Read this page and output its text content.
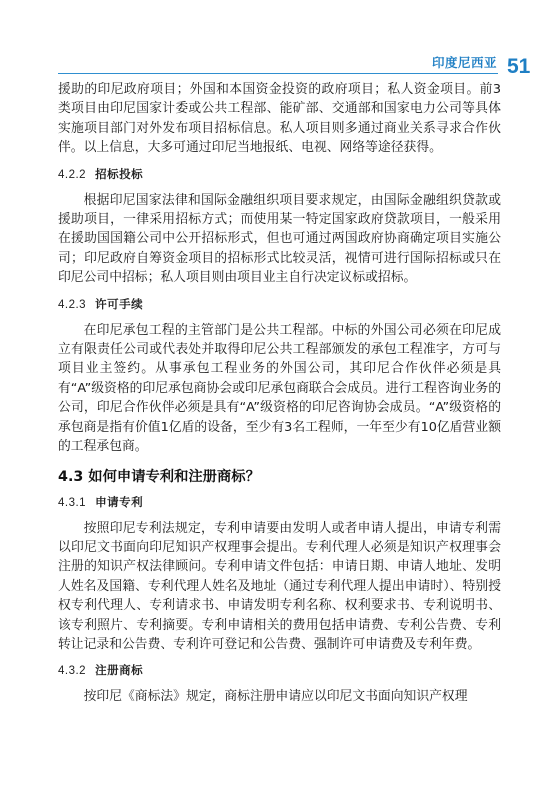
印度尼西亚 51

援助的印尼政府项目；外国和本国资金投资的政府项目；私人资金项目。前3类项目由印尼国家计委或公共工程部、能矿部、交通部和国家电力公司等具体实施项目部门对外发布项目招标信息。私人项目则多通过商业关系寻求合作伙伴。以上信息，大多可通过印尼当地报纸、电视、网络等途径获得。

4.2.2 招标投标

根据印尼国家法律和国际金融组织项目要求规定，由国际金融组织贷款或援助项目，一律采用招标方式；而使用某一特定国家政府贷款项目，一般采用在援助国国籍公司中公开招标形式，但也可通过两国政府协商确定项目实施公司；印尼政府自筹资金项目的招标形式比较灵活，视情可进行国际招标或只在印尼公司中招标；私人项目则由项目业主自行决定议标或招标。

4.2.3 许可手续

在印尼承包工程的主管部门是公共工程部。中标的外国公司必须在印尼成立有限责任公司或代表处并取得印尼公共工程部颁发的承包工程准字，方可与项目业主签约。从事承包工程业务的外国公司，其印尼合作伙伴必须是具有“A”级资格的印尼承包商协会或印尼承包商联合会成员。进行工程咨询业务的公司，印尼合作伙伴必须是具有“A”级资格的印尼咨询协会成员。“A”级资格的承包商是指有价值1亿盾的设备，至少有3名工程师，一年至少有10亿盾营业额的工程承包商。

4.3 如何申请专利和注册商标？
4.3.1 申请专利

按照印尼专利法规定，专利申请要由发明人或者申请人提出，申请专利需以印尼文书面向印尼知识产权理事会提出。专利代理人必须是知识产权理事会注册的知识产权法律顾问。专利申请文件包括：申请日期、申请人地址、发明人姓名及国籍、专利代理人姓名及地址（通过专利代理人提出申请时）、特别授权专利代理人、专利请求书、申请发明专利名称、权利要求书、专利说明书、该专利照片、专利摘要。专利申请相关的费用包括申请费、专利公告费、专利转让记录和公告费、专利许可登记和公告费、强制许可申请费及专利年费。

4.3.2 注册商标

按印尼《商标法》规定，商标注册申请应以印尼文书面向知识产权理
